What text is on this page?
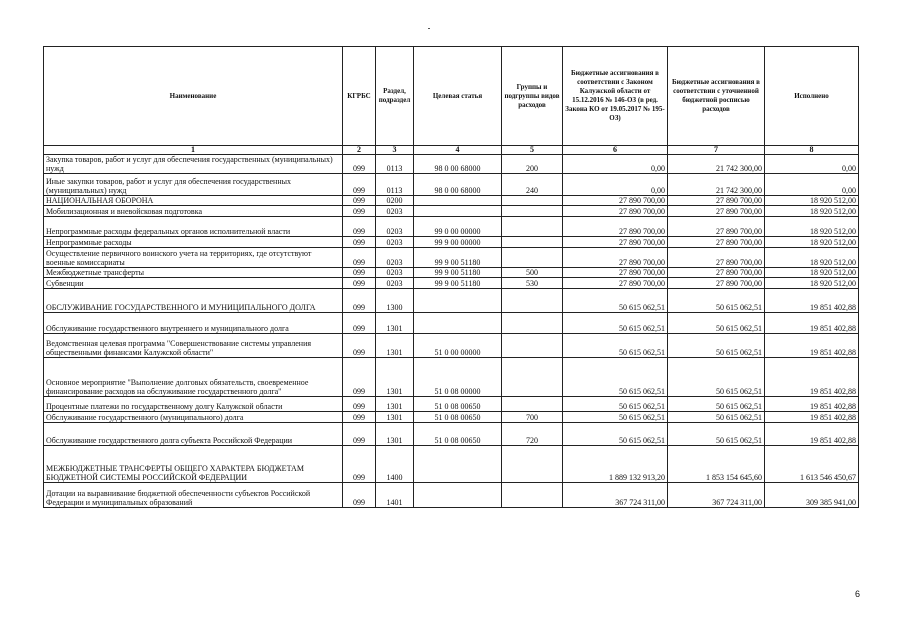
Наименование	КГРБС	Раздел, подраздел	Целевая статья	Группы и подгруппы видов расходов	Бюджетные ассигнования в соответствии с Законом Калужской области от 15.12.2016 № 146-ОЗ (в ред. Закона КО от 19.05.2017 № 195-ОЗ)	Бюджетные ассигнования в соответствии с уточненной бюджетной росписью расходов	Исполнено
1	2	3	4	5	6	7	8
Закупка товаров, работ и услуг для обеспечения государственных (муниципальных) нужд	099	0113	98 0 00 68000	200	0,00	21 742 300,00	0,00
Иные закупки товаров, работ и услуг для обеспечения государственных (муниципальных) нужд	099	0113	98 0 00 68000	240	0,00	21 742 300,00	0,00
НАЦИОНАЛЬНАЯ ОБОРОНА	099	0200			27 890 700,00	27 890 700,00	18 920 512,00
Мобилизационная и вневойсковая подготовка	099	0203			27 890 700,00	27 890 700,00	18 920 512,00
Непрограммные расходы федеральных органов исполнительной власти	099	0203	99 0 00 00000		27 890 700,00	27 890 700,00	18 920 512,00
Непрограммные расходы	099	0203	99 9 00 00000		27 890 700,00	27 890 700,00	18 920 512,00
Осуществление первичного воинского учета на территориях, где отсутствуют военные комиссариаты	099	0203	99 9 00 51180		27 890 700,00	27 890 700,00	18 920 512,00
Межбюджетные трансферты	099	0203	99 9 00 51180	500	27 890 700,00	27 890 700,00	18 920 512,00
Субвенции	099	0203	99 9 00 51180	530	27 890 700,00	27 890 700,00	18 920 512,00
ОБСЛУЖИВАНИЕ ГОСУДАРСТВЕННОГО И МУНИЦИПАЛЬНОГО ДОЛГА	099	1300			50 615 062,51	50 615 062,51	19 851 402,88
Обслуживание государственного внутреннего и муниципального долга	099	1301			50 615 062,51	50 615 062,51	19 851 402,88
Ведомственная целевая программа "Совершенствование системы управления общественными финансами Калужской области"	099	1301	51 0 00 00000		50 615 062,51	50 615 062,51	19 851 402,88
Основное мероприятие "Выполнение долговых обязательств, своевременное финансирование расходов на обслуживание государственного долга"	099	1301	51 0 08 00000		50 615 062,51	50 615 062,51	19 851 402,88
Процентные платежи по государственному долгу Калужской области	099	1301	51 0 08 00650		50 615 062,51	50 615 062,51	19 851 402,88
Обслуживание государственного (муниципального) долга	099	1301	51 0 08 00650	700	50 615 062,51	50 615 062,51	19 851 402,88
Обслуживание государственного долга субъекта Российской Федерации	099	1301	51 0 08 00650	720	50 615 062,51	50 615 062,51	19 851 402,88
МЕЖБЮДЖЕТНЫЕ ТРАНСФЕРТЫ ОБЩЕГО ХАРАКТЕРА БЮДЖЕТАМ БЮДЖЕТНОЙ СИСТЕМЫ РОССИЙСКОЙ ФЕДЕРАЦИИ	099	1400			1 889 132 913,20	1 853 154 645,60	1 613 546 450,67
Дотации на выравнивание бюджетной обеспеченности субъектов Российской Федерации и муниципальных образований	099	1401			367 724 311,00	367 724 311,00	309 385 941,00
6
